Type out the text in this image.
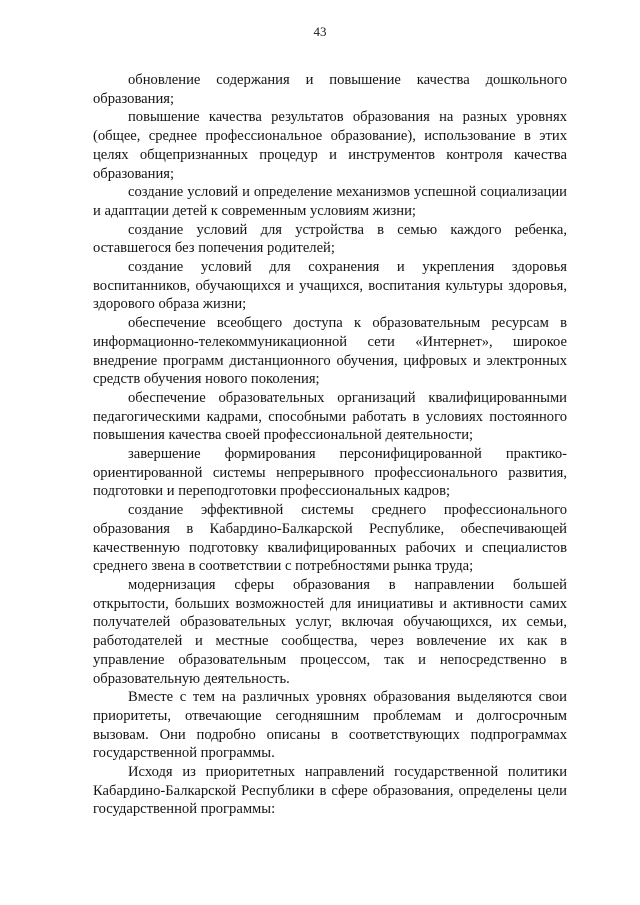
43

обновление содержания и повышение качества дошкольного образования;

повышение качества результатов образования на разных уровнях (общее, среднее профессиональное образование), использование в этих целях общепризнанных процедур и инструментов контроля качества образования;

создание условий и определение механизмов успешной социализации и адаптации детей к современным условиям жизни;

создание условий для устройства в семью каждого ребенка, оставшегося без попечения родителей;

создание условий для сохранения и укрепления здоровья воспитанников, обучающихся и учащихся, воспитания культуры здоровья, здорового образа жизни;

обеспечение всеобщего доступа к образовательным ресурсам в информационно-телекоммуникационной сети «Интернет», широкое внедрение программ дистанционного обучения, цифровых и электронных средств обучения нового поколения;

обеспечение образовательных организаций квалифицированными педагогическими кадрами, способными работать в условиях постоянного повышения качества своей профессиональной деятельности;

завершение формирования персонифицированной практико-ориентированной системы непрерывного профессионального развития, подготовки и переподготовки профессиональных кадров;

создание эффективной системы среднего профессионального образования в Кабардино-Балкарской Республике, обеспечивающей качественную подготовку квалифицированных рабочих и специалистов среднего звена в соответствии с потребностями рынка труда;

модернизация сферы образования в направлении большей открытости, больших возможностей для инициативы и активности самих получателей образовательных услуг, включая обучающихся, их семьи, работодателей и местные сообщества, через вовлечение их как в управление образовательным процессом, так и непосредственно в образовательную деятельность.

Вместе с тем на различных уровнях образования выделяются свои приоритеты, отвечающие сегодняшним проблемам и долгосрочным вызовам. Они подробно описаны в соответствующих подпрограммах государственной программы.

Исходя из приоритетных направлений государственной политики Кабардино-Балкарской Республики в сфере образования, определены цели государственной программы:
